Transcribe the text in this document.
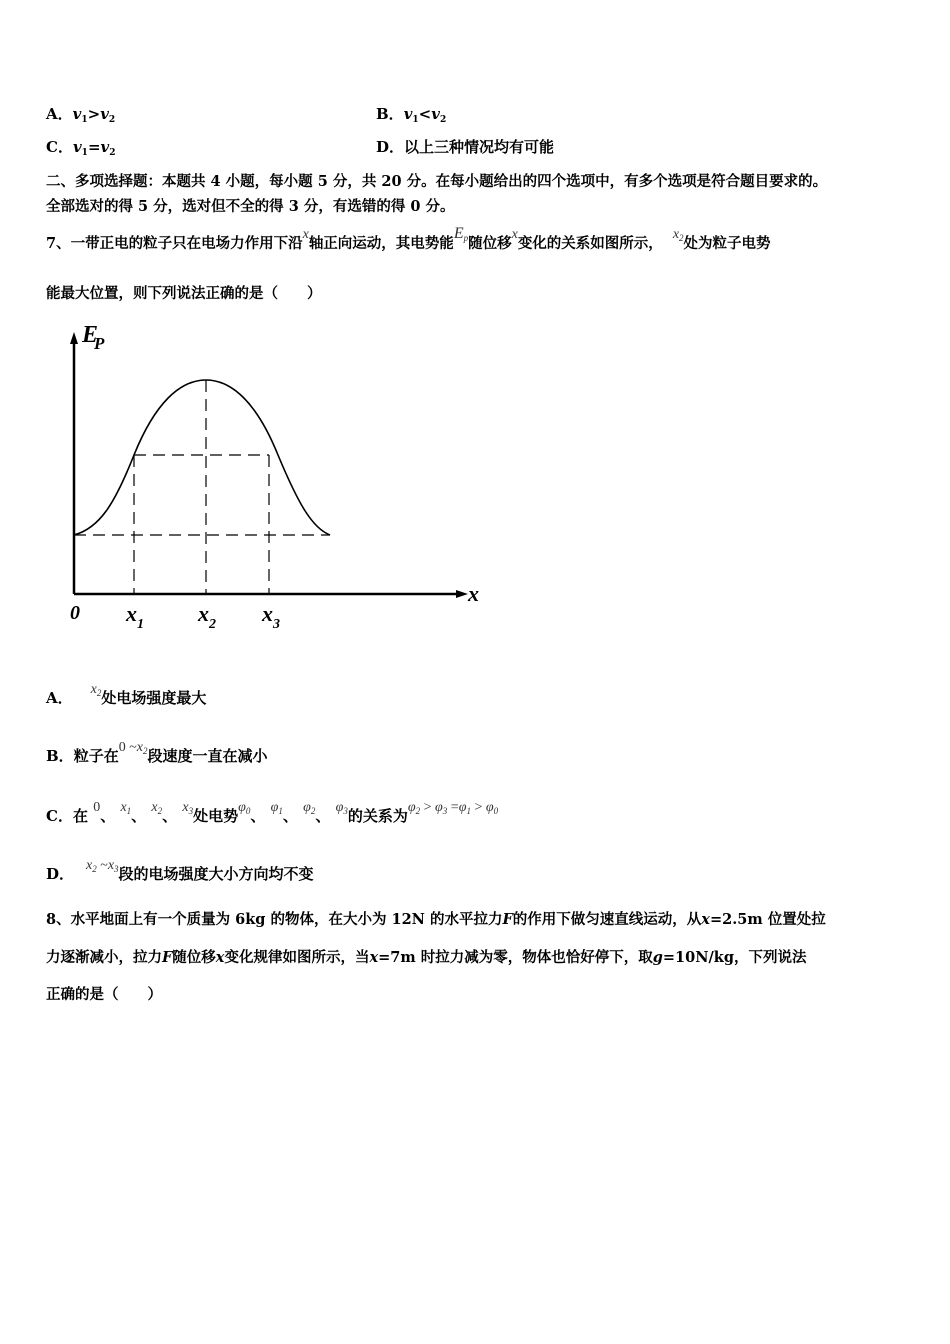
A．$v_1>v_2$	B．$v_1<v_2$
C．$v_1=v_2$	D．以上三种情况均有可能
二、多项选择题：本题共 4 小题，每小题 5 分，共 20 分。在每小题给出的四个选项中，有多个选项是符合题目要求的。
全部选对的得 5 分，选对但不全的得 3 分，有选错的得 0 分。
7、一带正电的粒子只在电场力作用下沿x轴正向运动，其电势能Ep随位移x变化的关系如图所示，$x_2$处为粒子电势
能最大位置，则下列说法正确的是（　　）
EP
x
0 $x_1$ $x_2$ $x_3$
A． $x_2$处电场强度最大
B．粒子在0 $\sim x_2$段速度一直在减小
C．在 0、 $x_1$、 $x_2$、 $x_3$处电势$\varphi_0$、 $\varphi_1$、 $\varphi_2$、 $\varphi_3$的关系为$\varphi_2 > \varphi_3 =\varphi_1 > \varphi_0$
D． $x_2$ $\sim x_3$段的电场强度大小方向均不变
8、水平地面上有一个质量为 6kg 的物体，在大小为 12N 的水平拉力F的作用下做匀速直线运动，从x=2.5m 位置处拉
力逐渐减小，拉力F随位移x变化规律如图所示，当x=7m 时拉力减为零，物体也恰好停下，取g=10N/kg，下列说法
正确的是（　　）
